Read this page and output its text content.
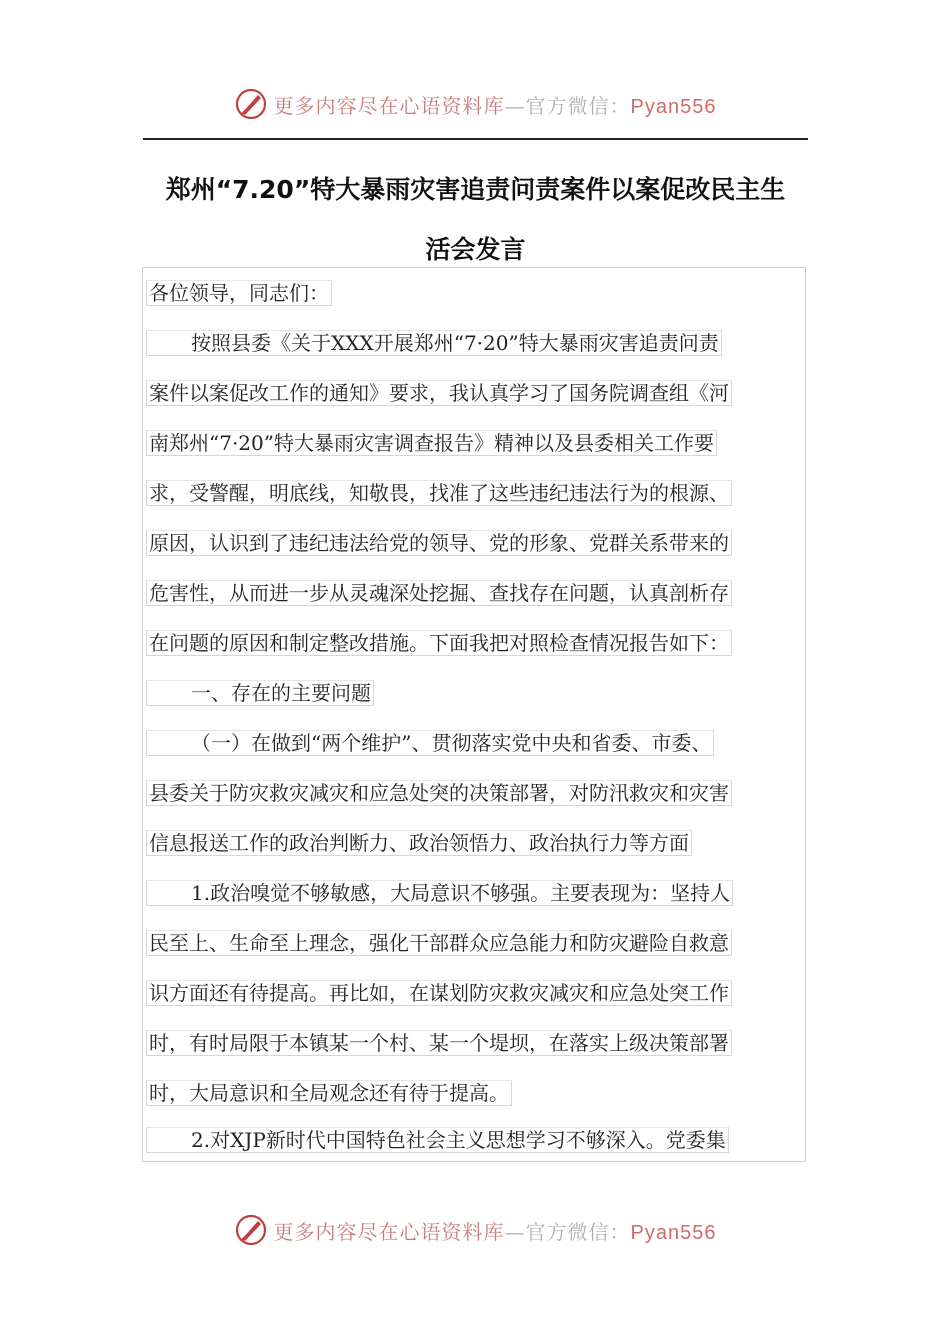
更多内容尽在心语资料库—官方微信：Pyan556
郑州“7.20”特大暴雨灾害追责问责案件以案促改民主生
活会发言
各位领导，同志们：
按照县委《关于XXX开展郑州“7·20”特大暴雨灾害追责问责
案件以案促改工作的通知》要求，我认真学习了国务院调查组《河
南郑州“7·20”特大暴雨灾害调查报告》精神以及县委相关工作要
求，受警醒，明底线，知敬畏，找准了这些违纪违法行为的根源、
原因，认识到了违纪违法给党的领导、党的形象、党群关系带来的
危害性，从而进一步从灵魂深处挖掘、查找存在问题，认真剖析存
在问题的原因和制定整改措施。下面我把对照检查情况报告如下：
一、存在的主要问题
（一）在做到“两个维护”、贯彻落实党中央和省委、市委、
县委关于防灾救灾减灾和应急处突的决策部署，对防汛救灾和灾害
信息报送工作的政治判断力、政治领悟力、政治执行力等方面
1.政治嗅觉不够敏感，大局意识不够强。主要表现为：坚持人
民至上、生命至上理念，强化干部群众应急能力和防灾避险自救意
识方面还有待提高。再比如，在谋划防灾救灾减灾和应急处突工作
时，有时局限于本镇某一个村、某一个堤坝，在落实上级决策部署
时，大局意识和全局观念还有待于提高。
2.对XJP新时代中国特色社会主义思想学习不够深入。党委集
更多内容尽在心语资料库—官方微信：Pyan556
